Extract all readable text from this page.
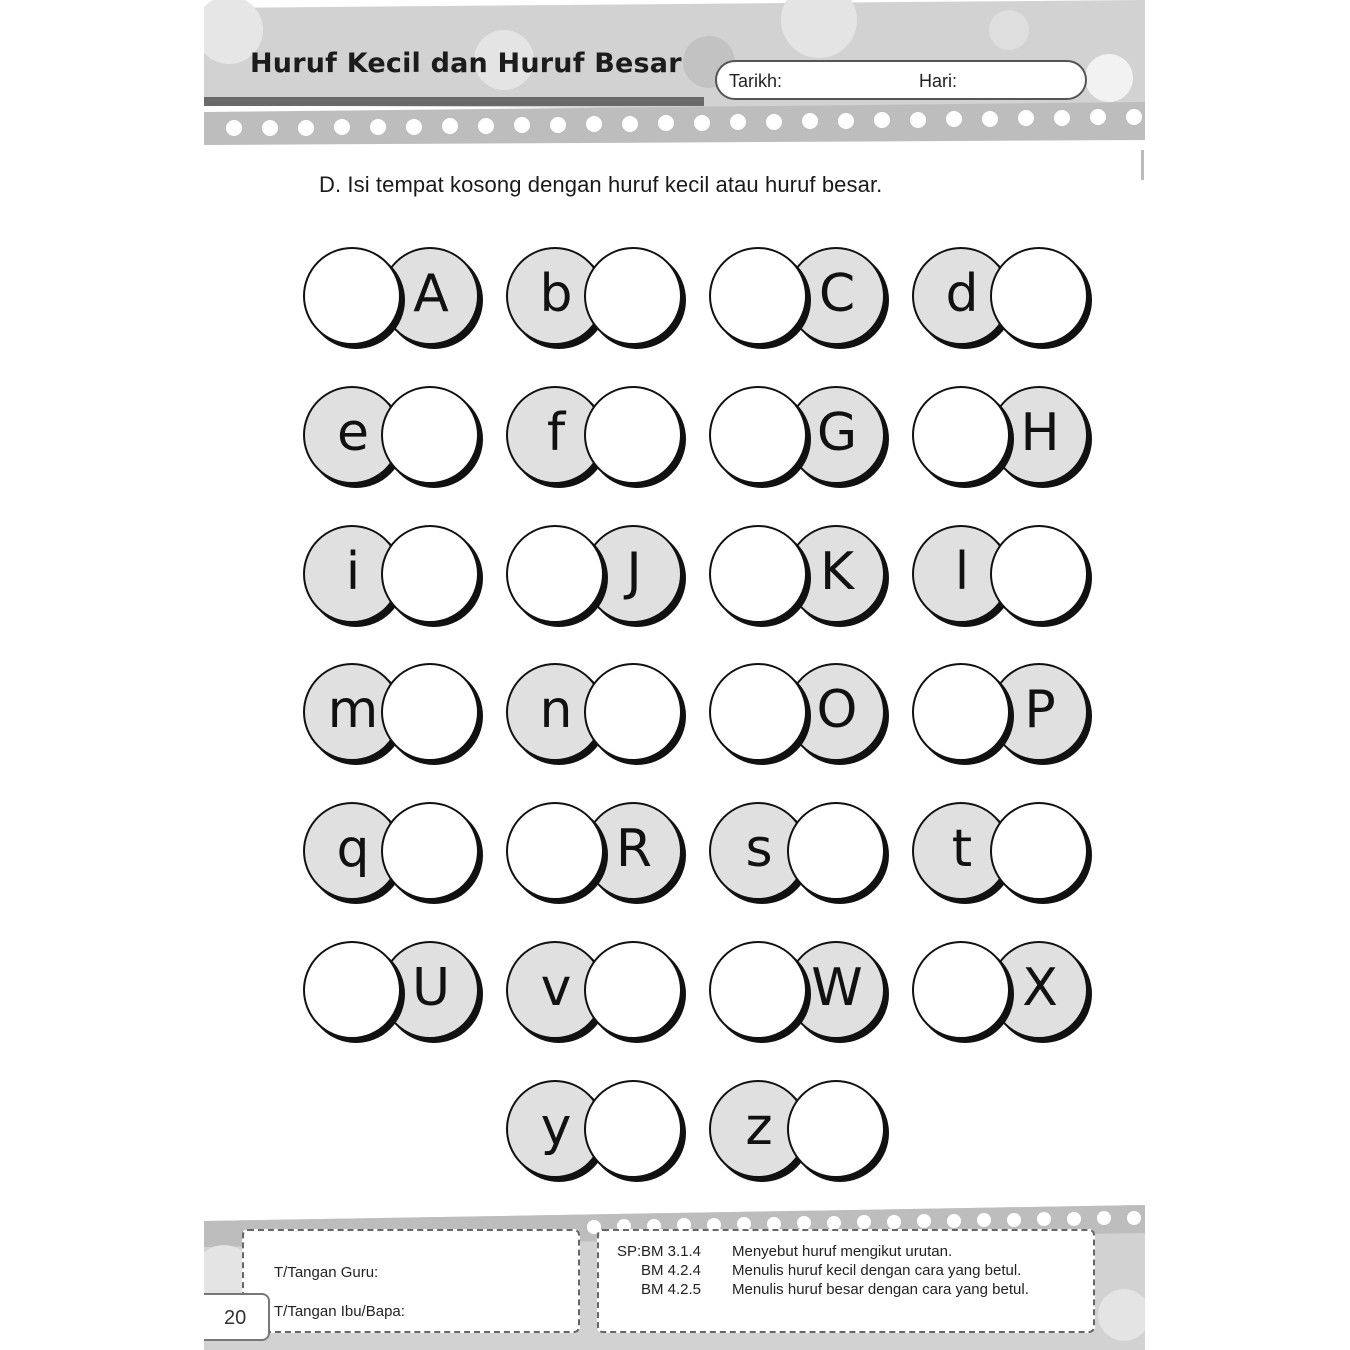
Huruf Kecil dan Huruf Besar
Tarikh:	Hari:
T/Tangan Guru:
T/Tangan Ibu/Bapa:
SP: BM 3.1.4 Menyebut huruf mengikut urutan.
BM 4.2.4 Menulis huruf kecil dengan cara yang betul.
BM 4.2.5 Menulis huruf besar dengan cara yang betul.
20
D. Isi tempat kosong dengan huruf kecil atau huruf besar.
A b	C d
e	f	G	H
i	J	K	l
m	n	O	P
q	R	s	t
U	v	W	X
y	z
